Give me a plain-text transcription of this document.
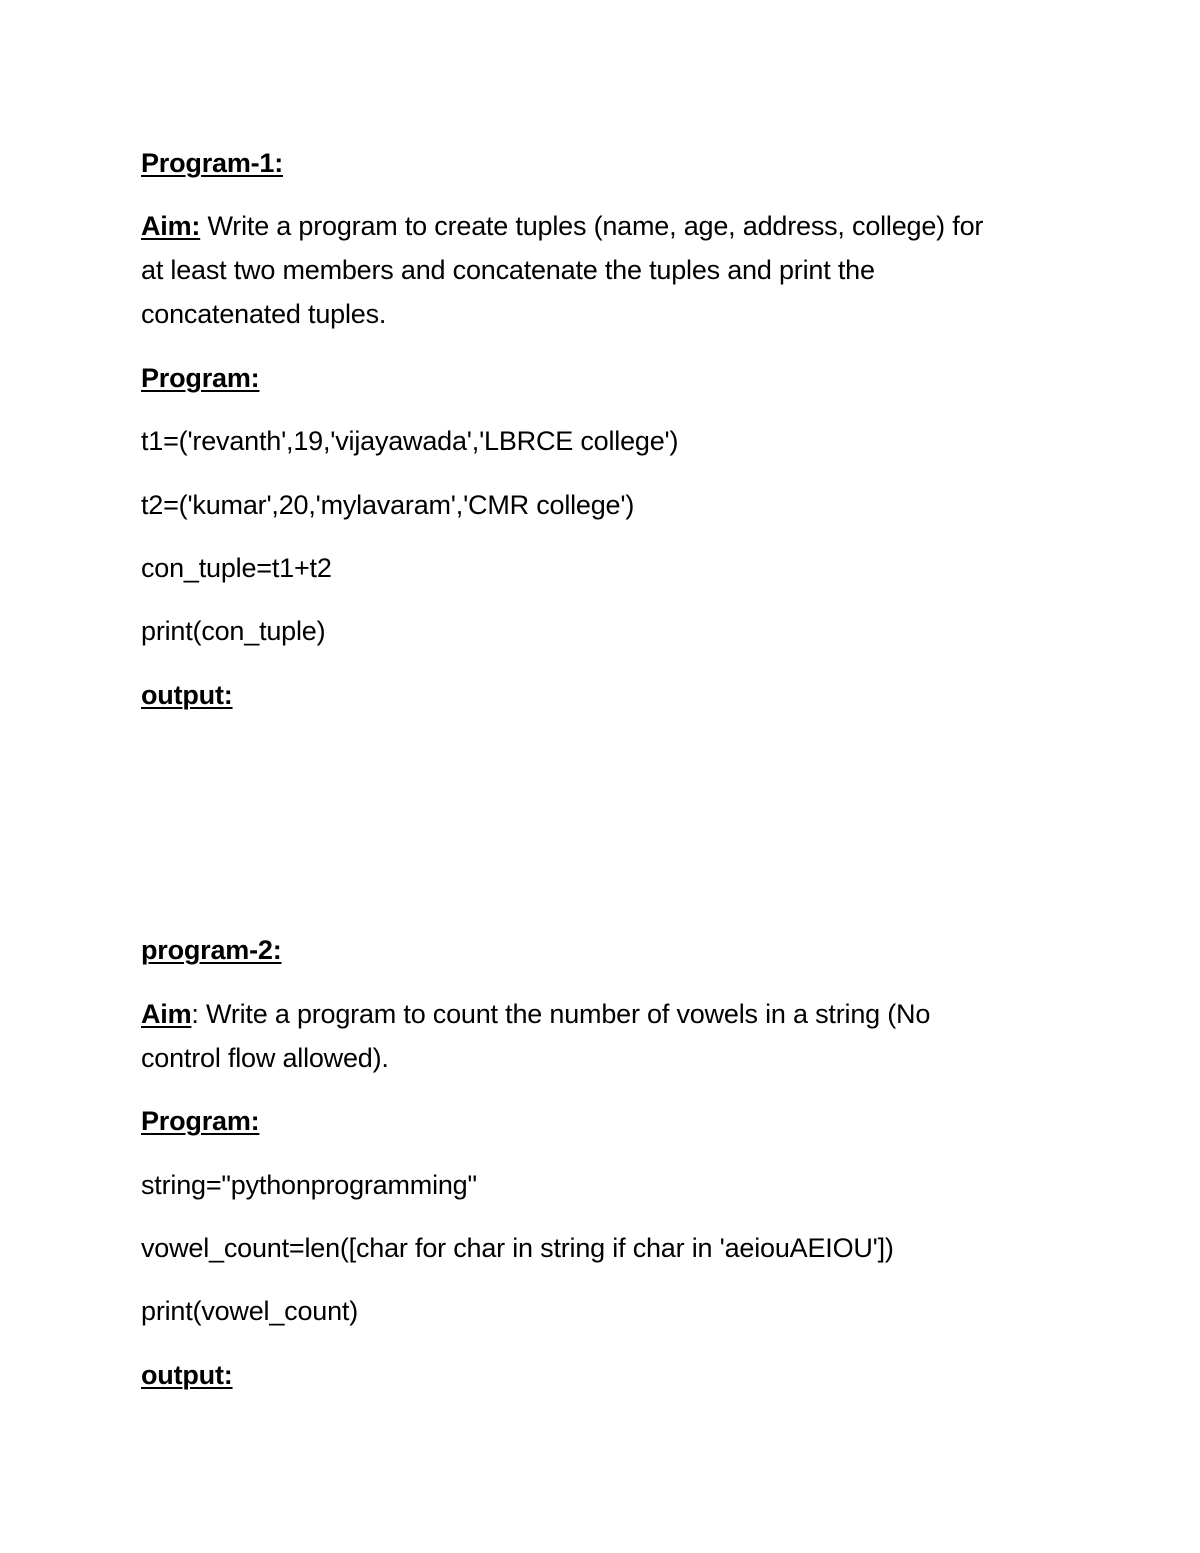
Program-1:
Aim: Write a program to create tuples (name, age, address, college) for
at least two members and concatenate the tuples and print the
concatenated tuples.
Program:
t1=('revanth',19,'vijayawada','LBRCE college')
t2=('kumar',20,'mylavaram','CMR college')
con_tuple=t1+t2
print(con_tuple)
output:
program-2:
Aim: Write a program to count the number of vowels in a string (No
control flow allowed).
Program:
string="pythonprogramming"
vowel_count=len([char for char in string if char in 'aeiouAEIOU'])
print(vowel_count)
output:
